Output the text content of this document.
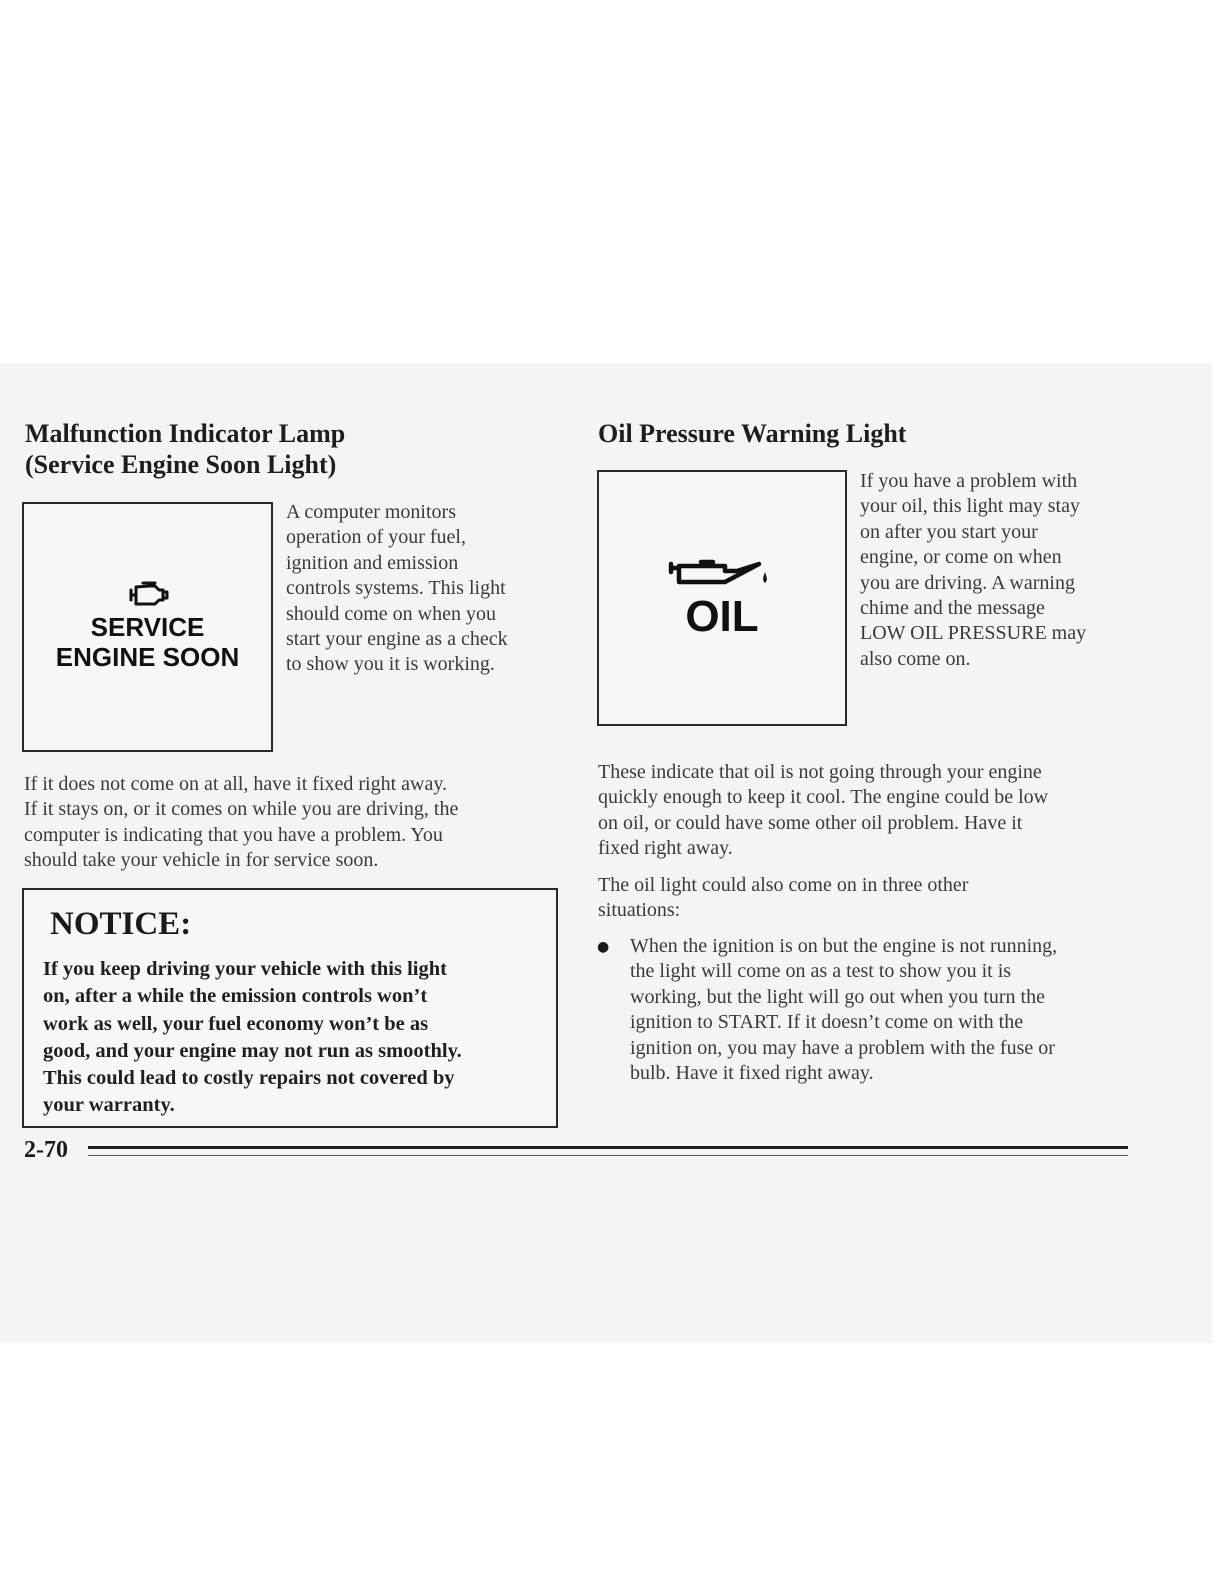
Malfunction Indicator Lamp
(Service Engine Soon Light)
SERVICE
ENGINE SOON
A computer monitors
operation of your fuel,
ignition and emission
controls systems. This light
should come on when you
start your engine as a check
to show you it is working.
If it does not come on at all, have it fixed right away.
If it stays on, or it comes on while you are driving, the
computer is indicating that you have a problem. You
should take your vehicle in for service soon.
NOTICE:
If you keep driving your vehicle with this light
on, after a while the emission controls won’t
work as well, your fuel economy won’t be as
good, and your engine may not run as smoothly.
This could lead to costly repairs not covered by
your warranty.
Oil Pressure Warning Light
OIL
If you have a problem with
your oil, this light may stay
on after you start your
engine, or come on when
you are driving. A warning
chime and the message
LOW OIL PRESSURE may
also come on.
These indicate that oil is not going through your engine
quickly enough to keep it cool. The engine could be low
on oil, or could have some other oil problem. Have it
fixed right away.
The oil light could also come on in three other
situations:
● When the ignition is on but the engine is not running,
the light will come on as a test to show you it is
working, but the light will go out when you turn the
ignition to START. If it doesn’t come on with the
ignition on, you may have a problem with the fuse or
bulb. Have it fixed right away.
2-70
